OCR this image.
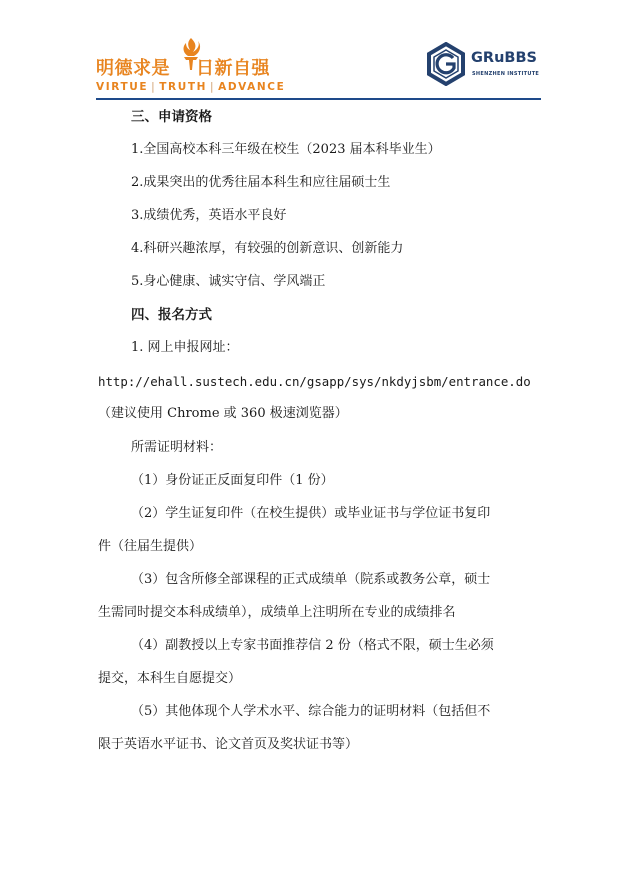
明德求是 日新自强
VIRTUE | TRUTH | ADVANCE
GRuBBS
SHENZHEN INSTITUTE
三、申请资格
1.全国高校本科三年级在校生（2023 届本科毕业生）
2.成果突出的优秀往届本科生和应往届硕士生
3.成绩优秀，英语水平良好
4.科研兴趣浓厚，有较强的创新意识、创新能力
5.身心健康、诚实守信、学风端正
四、报名方式
1. 网上申报网址：
http://ehall.sustech.edu.cn/gsapp/sys/nkdyjsbm/entrance.do
（建议使用 Chrome 或 360 极速浏览器）
所需证明材料：
（1）身份证正反面复印件（1 份）
（2）学生证复印件（在校生提供）或毕业证书与学位证书复印
件（往届生提供）
（3）包含所修全部课程的正式成绩单（院系或教务公章，硕士
生需同时提交本科成绩单），成绩单上注明所在专业的成绩排名
（4）副教授以上专家书面推荐信 2 份（格式不限，硕士生必须
提交，本科生自愿提交）
（5）其他体现个人学术水平、综合能力的证明材料（包括但不
限于英语水平证书、论文首页及奖状证书等）
